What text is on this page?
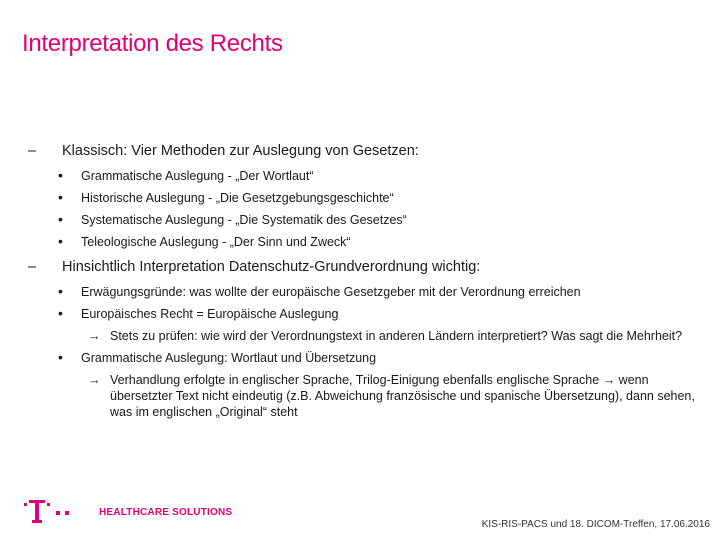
Interpretation des Rechts
– Klassisch: Vier Methoden zur Auslegung von Gesetzen:
• Grammatische Auslegung - „Der Wortlaut“
• Historische Auslegung - „Die Gesetzgebungsgeschichte“
• Systematische Auslegung - „Die Systematik des Gesetzes“
• Teleologische Auslegung - „Der Sinn und Zweck“
– Hinsichtlich Interpretation Datenschutz-Grundverordnung wichtig:
• Erwägungsgründe: was wollte der europäische Gesetzgeber mit der Verordnung erreichen
• Europäisches Recht = Europäische Auslegung
→ Stets zu prüfen: wie wird der Verordnungstext in anderen Ländern interpretiert? Was sagt die Mehrheit?
• Grammatische Auslegung: Wortlaut und Übersetzung
→ Verhandlung erfolgte in englischer Sprache, Trilog-Einigung ebenfalls englische Sprache → wenn übersetzter Text nicht eindeutig (z.B. Abweichung französische und spanische Übersetzung), dann sehen, was im englischen „Original“ steht
HEALTHCARE SOLUTIONS
KIS-RIS-PACS und 18. DICOM-Treffen, 17.06.2016
